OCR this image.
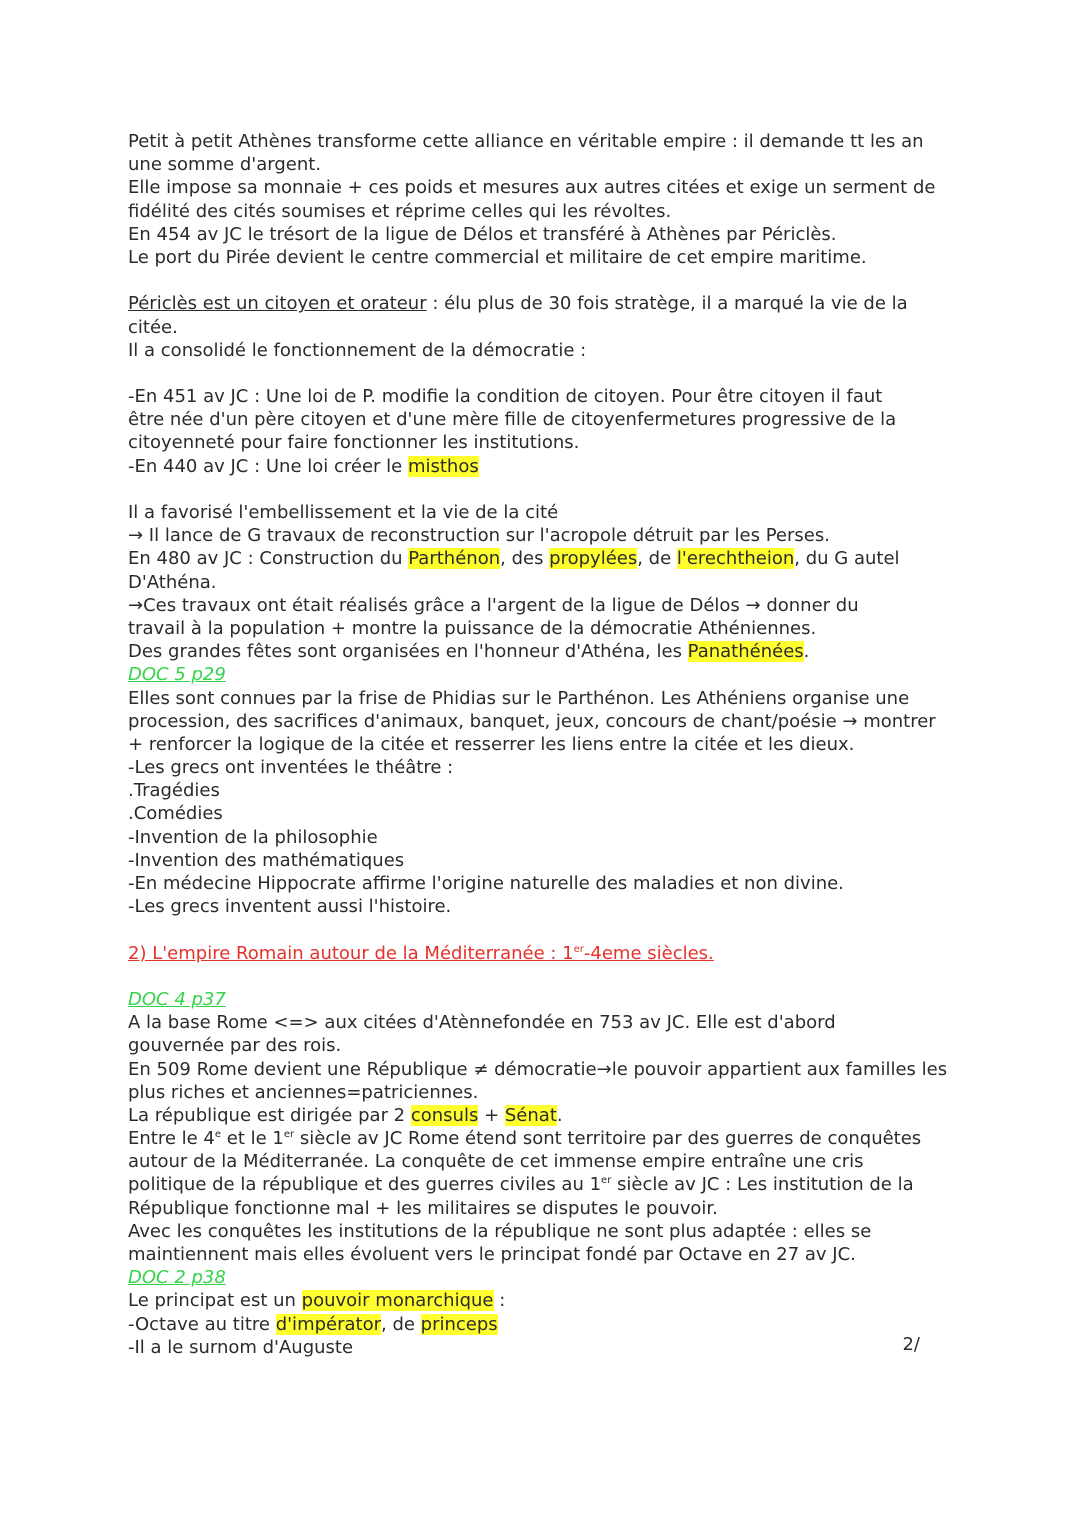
Petit à petit Athènes transforme cette alliance en véritable empire : il demande tt les an
une somme d'argent.
Elle impose sa monnaie + ces poids et mesures aux autres citées et exige un serment de
fidélité des cités soumises et réprime celles qui les révoltes.
En 454 av JC le trésort de la ligue de Délos et transféré à Athènes par Périclès.
Le port du Pirée devient le centre commercial et militaire de cet empire maritime.
Périclès est un citoyen et orateur : élu plus de 30 fois stratège, il a marqué la vie de la
citée.
Il a consolidé le fonctionnement de la démocratie :
-En 451 av JC : Une loi de P. modifie la condition de citoyen. Pour être citoyen il faut
être née d'un père citoyen et d'une mère fille de citoyenfermetures progressive de la
citoyenneté pour faire fonctionner les institutions.
-En 440 av JC : Une loi créer le misthos
Il a favorisé l'embellissement et la vie de la cité
→ Il lance de G travaux de reconstruction sur l'acropole détruit par les Perses.
En 480 av JC : Construction du Parthénon, des propylées, de l'erechtheion, du G autel
D'Athéna.
→Ces travaux ont était réalisés grâce a l'argent de la ligue de Délos → donner du
travail à la population + montre la puissance de la démocratie Athéniennes.
Des grandes fêtes sont organisées en l'honneur d'Athéna, les Panathénées.
DOC 5 p29
Elles sont connues par la frise de Phidias sur le Parthénon. Les Athéniens organise une
procession, des sacrifices d'animaux, banquet, jeux, concours de chant/poésie → montrer
+ renforcer la logique de la citée et resserrer les liens entre la citée et les dieux.
-Les grecs ont inventées le théâtre :
.Tragédies
.Comédies
-Invention de la philosophie
-Invention des mathématiques
-En médecine Hippocrate affirme l'origine naturelle des maladies et non divine.
-Les grecs inventent aussi l'histoire.
2) L'empire Romain autour de la Méditerranée : 1er-4eme siècles.
DOC 4 p37
A la base Rome <=> aux citées d'Atènnefondée en 753 av JC. Elle est d'abord
gouvernée par des rois.
En 509 Rome devient une République ≠ démocratie→le pouvoir appartient aux familles les
plus riches et anciennes=patriciennes.
La république est dirigée par 2 consuls + Sénat.
Entre le 4e et le 1er siècle av JC Rome étend sont territoire par des guerres de conquêtes
autour de la Méditerranée. La conquête de cet immense empire entraîne une cris
politique de la république et des guerres civiles au 1er siècle av JC : Les institution de la
République fonctionne mal + les militaires se disputes le pouvoir.
Avec les conquêtes les institutions de la république ne sont plus adaptée : elles se
maintiennent mais elles évoluent vers le principat fondé par Octave en 27 av JC.
DOC 2 p38
Le principat est un pouvoir monarchique :
-Octave au titre d'impérator, de princeps
-Il a le surnom d'Auguste	2/
